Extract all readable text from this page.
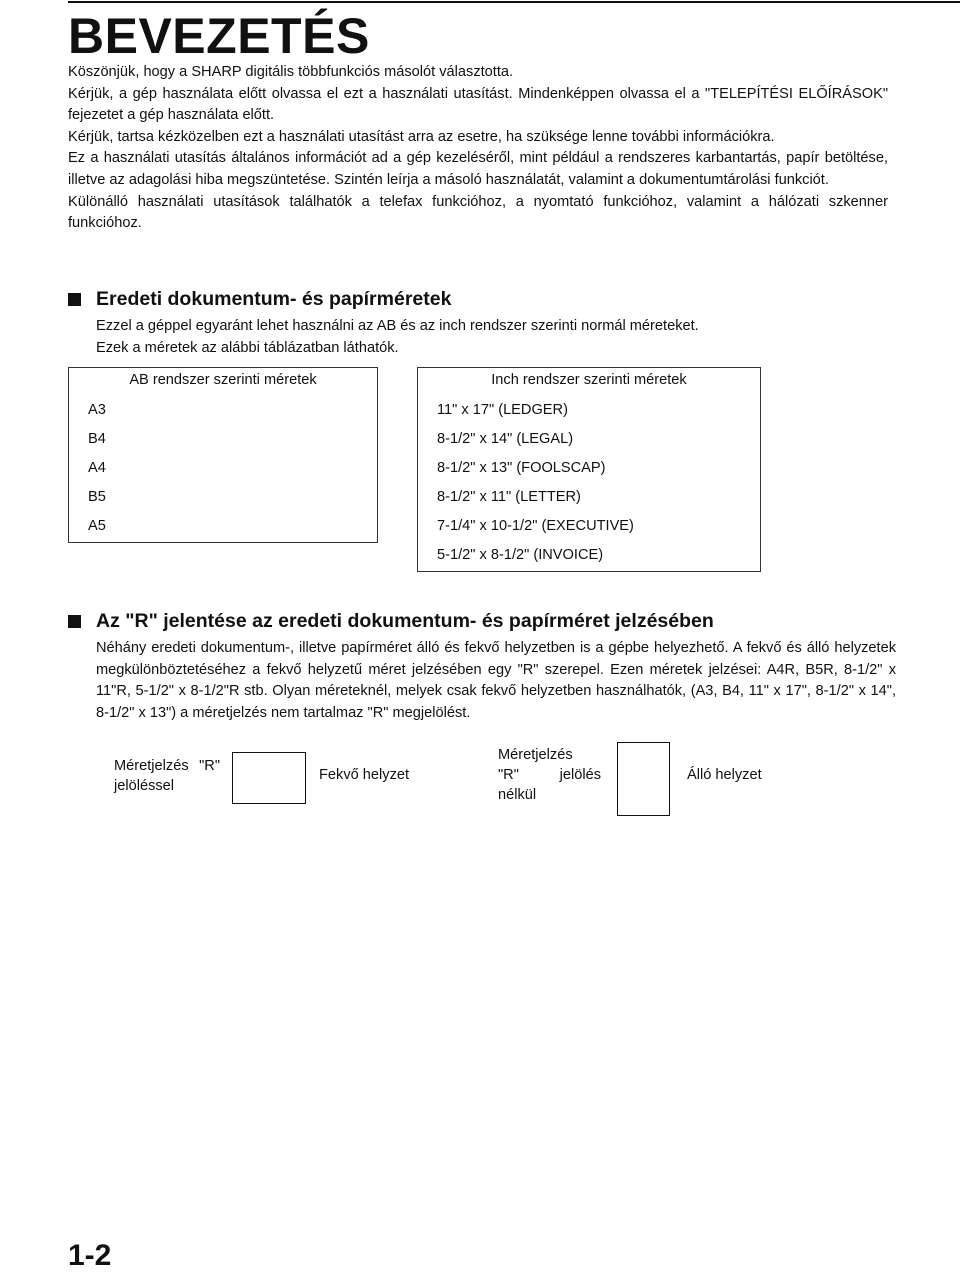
BEVEZETÉS

Köszönjük, hogy a SHARP digitális többfunkciós másolót választotta.

Kérjük, a gép használata előtt olvassa el ezt a használati utasítást. Mindenképpen olvassa el a "TELEPÍTÉSI ELŐÍRÁSOK" fejezetet a gép használata előtt.

Kérjük, tartsa kézközelben ezt a használati utasítást arra az esetre, ha szüksége lenne további információkra.

Ez a használati utasítás általános információt ad a gép kezeléséről, mint például a rendszeres karbantartás, papír betöltése, illetve az adagolási hiba megszüntetése. Szintén leírja a másoló használatát, valamint a dokumentumtárolási funkciót.

Különálló használati utasítások találhatók a telefax funkcióhoz, a nyomtató funkcióhoz, valamint a hálózati szkenner funkcióhoz.

Eredeti dokumentum- és papírméretek

Ezzel a géppel egyaránt lehet használni az AB és az inch rendszer szerinti normál méreteket.

Ezek a méretek az alábbi táblázatban láthatók.

AB rendszer szerinti méretek
A3
B4
A4
B5
A5
Inch rendszer szerinti méretek
11" x 17" (LEDGER)
8-1/2" x 14" (LEGAL)
8-1/2" x 13" (FOOLSCAP)
8-1/2" x 11" (LETTER)
7-1/4" x 10-1/2" (EXECUTIVE)
5-1/2" x 8-1/2" (INVOICE)
Az "R" jelentése az eredeti dokumentum- és papírméret jelzésében

Néhány eredeti dokumentum-, illetve papírméret álló és fekvő helyzetben is a gépbe helyezhető. A fekvő és álló helyzetek megkülönböztetéséhez a fekvő helyzetű méret jelzésében egy "R" szerepel. Ezen méretek jelzései: A4R, B5R, 8-1/2" x 11"R, 5-1/2" x 8-1/2"R stb. Olyan méreteknél, melyek csak fekvő helyzetben használhatók, (A3, B4, 11" x 17", 8-1/2" x 14", 8-1/2" x 13") a méretjelzés nem tartalmaz "R" megjelölést.

Méretjelzés "R"
jelöléssel
Fekvő helyzet
Méretjelzés
"R"	jelölés
nélkül
Álló helyzet
1-2
